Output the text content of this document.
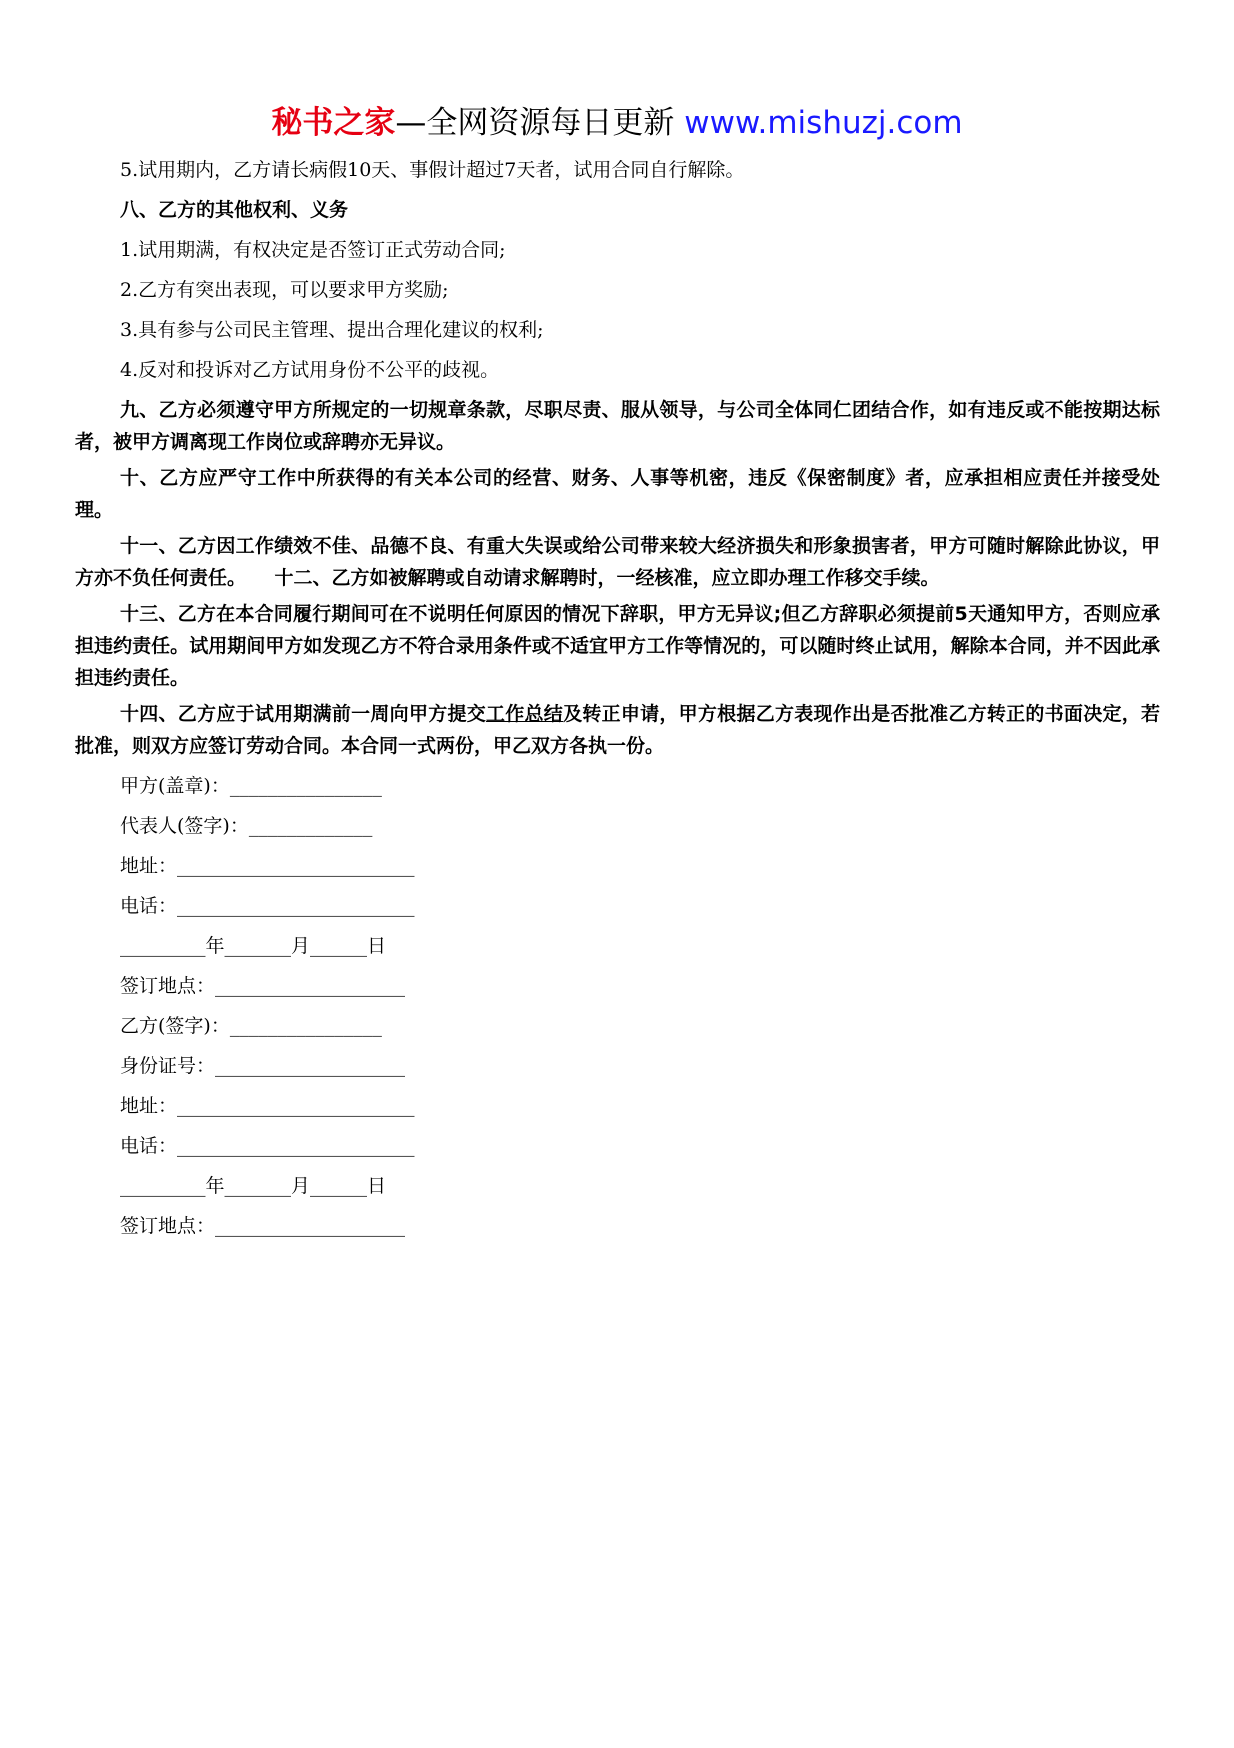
秘书之家—全网资源每日更新 www.mishuzj.com
5.试用期内，乙方请长病假10天、事假计超过7天者，试用合同自行解除。
八、乙方的其他权利、义务
1.试用期满，有权决定是否签订正式劳动合同;
2.乙方有突出表现，可以要求甲方奖励;
3.具有参与公司民主管理、提出合理化建议的权利;
4.反对和投诉对乙方试用身份不公平的歧视。
九、乙方必须遵守甲方所规定的一切规章条款，尽职尽责、服从领导，与公司全体同仁团结合作，如有违反或不能按期达标者，被甲方调离现工作岗位或辞聘亦无异议。
十、乙方应严守工作中所获得的有关本公司的经营、财务、人事等机密，违反《保密制度》者，应承担相应责任并接受处理。
十一、乙方因工作绩效不佳、品德不良、有重大失误或给公司带来较大经济损失和形象损害者，甲方可随时解除此协议，甲方亦不负任何责任。　　十二、乙方如被解聘或自动请求解聘时，一经核准，应立即办理工作移交手续。
十三、乙方在本合同履行期间可在不说明任何原因的情况下辞职，甲方无异议;但乙方辞职必须提前5天通知甲方，否则应承担违约责任。试用期间甲方如发现乙方不符合录用条件或不适宜甲方工作等情况的，可以随时终止试用，解除本合同，并不因此承担违约责任。
十四、乙方应于试用期满前一周向甲方提交工作总结及转正申请，甲方根据乙方表现作出是否批准乙方转正的书面决定，若批准，则双方应签订劳动合同。本合同一式两份，甲乙双方各执一份。
甲方(盖章)：________________
代表人(签字)：_____________
地址：_________________________
电话：_________________________
_________年_______月______日
签订地点：____________________
乙方(签字)：________________
身份证号：____________________
地址：_________________________
电话：_________________________
_________年_______月______日
签订地点：____________________
